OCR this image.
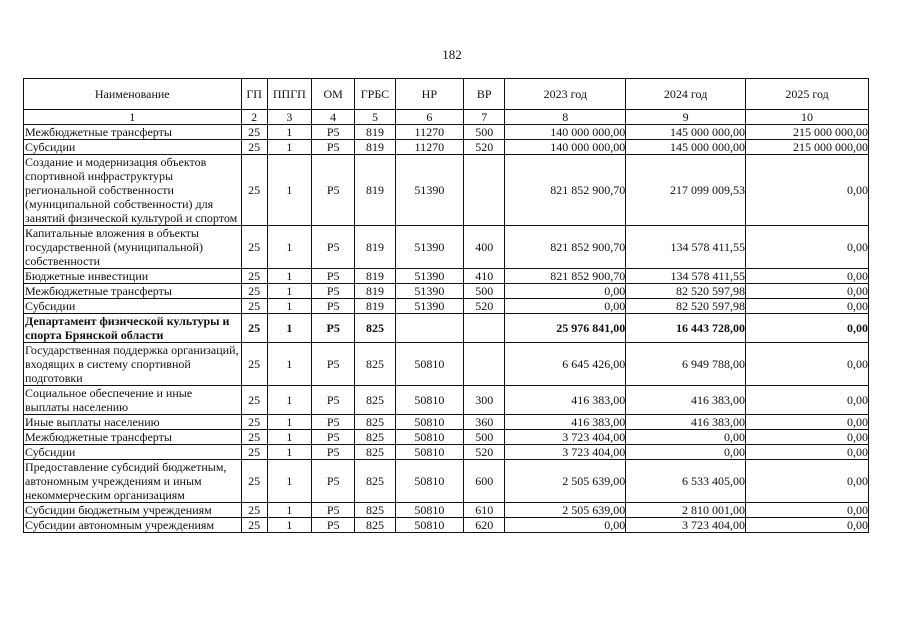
182
Наименование	ГП	ППГП	ОМ	ГРБС	НР	ВР	2023 год	2024 год	2025 год
1	2	3	4	5	6	7	8	9	10
Межбюджетные трансферты	25	1	Р5	819	11270	500	140 000 000,00	145 000 000,00	215 000 000,00
Субсидии	25	1	Р5	819	11270	520	140 000 000,00	145 000 000,00	215 000 000,00
Создание и модернизация объектов спортивной инфраструктуры региональной собственности (муниципальной собственности) для занятий физической культурой и спортом	25	1	Р5	819	51390		821 852 900,70	217 099 009,53	0,00
Капитальные вложения в объекты государственной (муниципальной) собственности	25	1	Р5	819	51390	400	821 852 900,70	134 578 411,55	0,00
Бюджетные инвестиции	25	1	Р5	819	51390	410	821 852 900,70	134 578 411,55	0,00
Межбюджетные трансферты	25	1	Р5	819	51390	500	0,00	82 520 597,98	0,00
Субсидии	25	1	Р5	819	51390	520	0,00	82 520 597,98	0,00
Департамент физической культуры и спорта Брянской области	25	1	Р5	825			25 976 841,00	16 443 728,00	0,00
Государственная поддержка организаций, входящих в систему спортивной подготовки	25	1	Р5	825	50810		6 645 426,00	6 949 788,00	0,00
Социальное обеспечение и иные выплаты населению	25	1	Р5	825	50810	300	416 383,00	416 383,00	0,00
Иные выплаты населению	25	1	Р5	825	50810	360	416 383,00	416 383,00	0,00
Межбюджетные трансферты	25	1	Р5	825	50810	500	3 723 404,00	0,00	0,00
Субсидии	25	1	Р5	825	50810	520	3 723 404,00	0,00	0,00
Предоставление субсидий бюджетным, автономным учреждениям и иным некоммерческим организациям	25	1	Р5	825	50810	600	2 505 639,00	6 533 405,00	0,00
Субсидии бюджетным учреждениям	25	1	Р5	825	50810	610	2 505 639,00	2 810 001,00	0,00
Субсидии автономным учреждениям	25	1	Р5	825	50810	620	0,00	3 723 404,00	0,00
